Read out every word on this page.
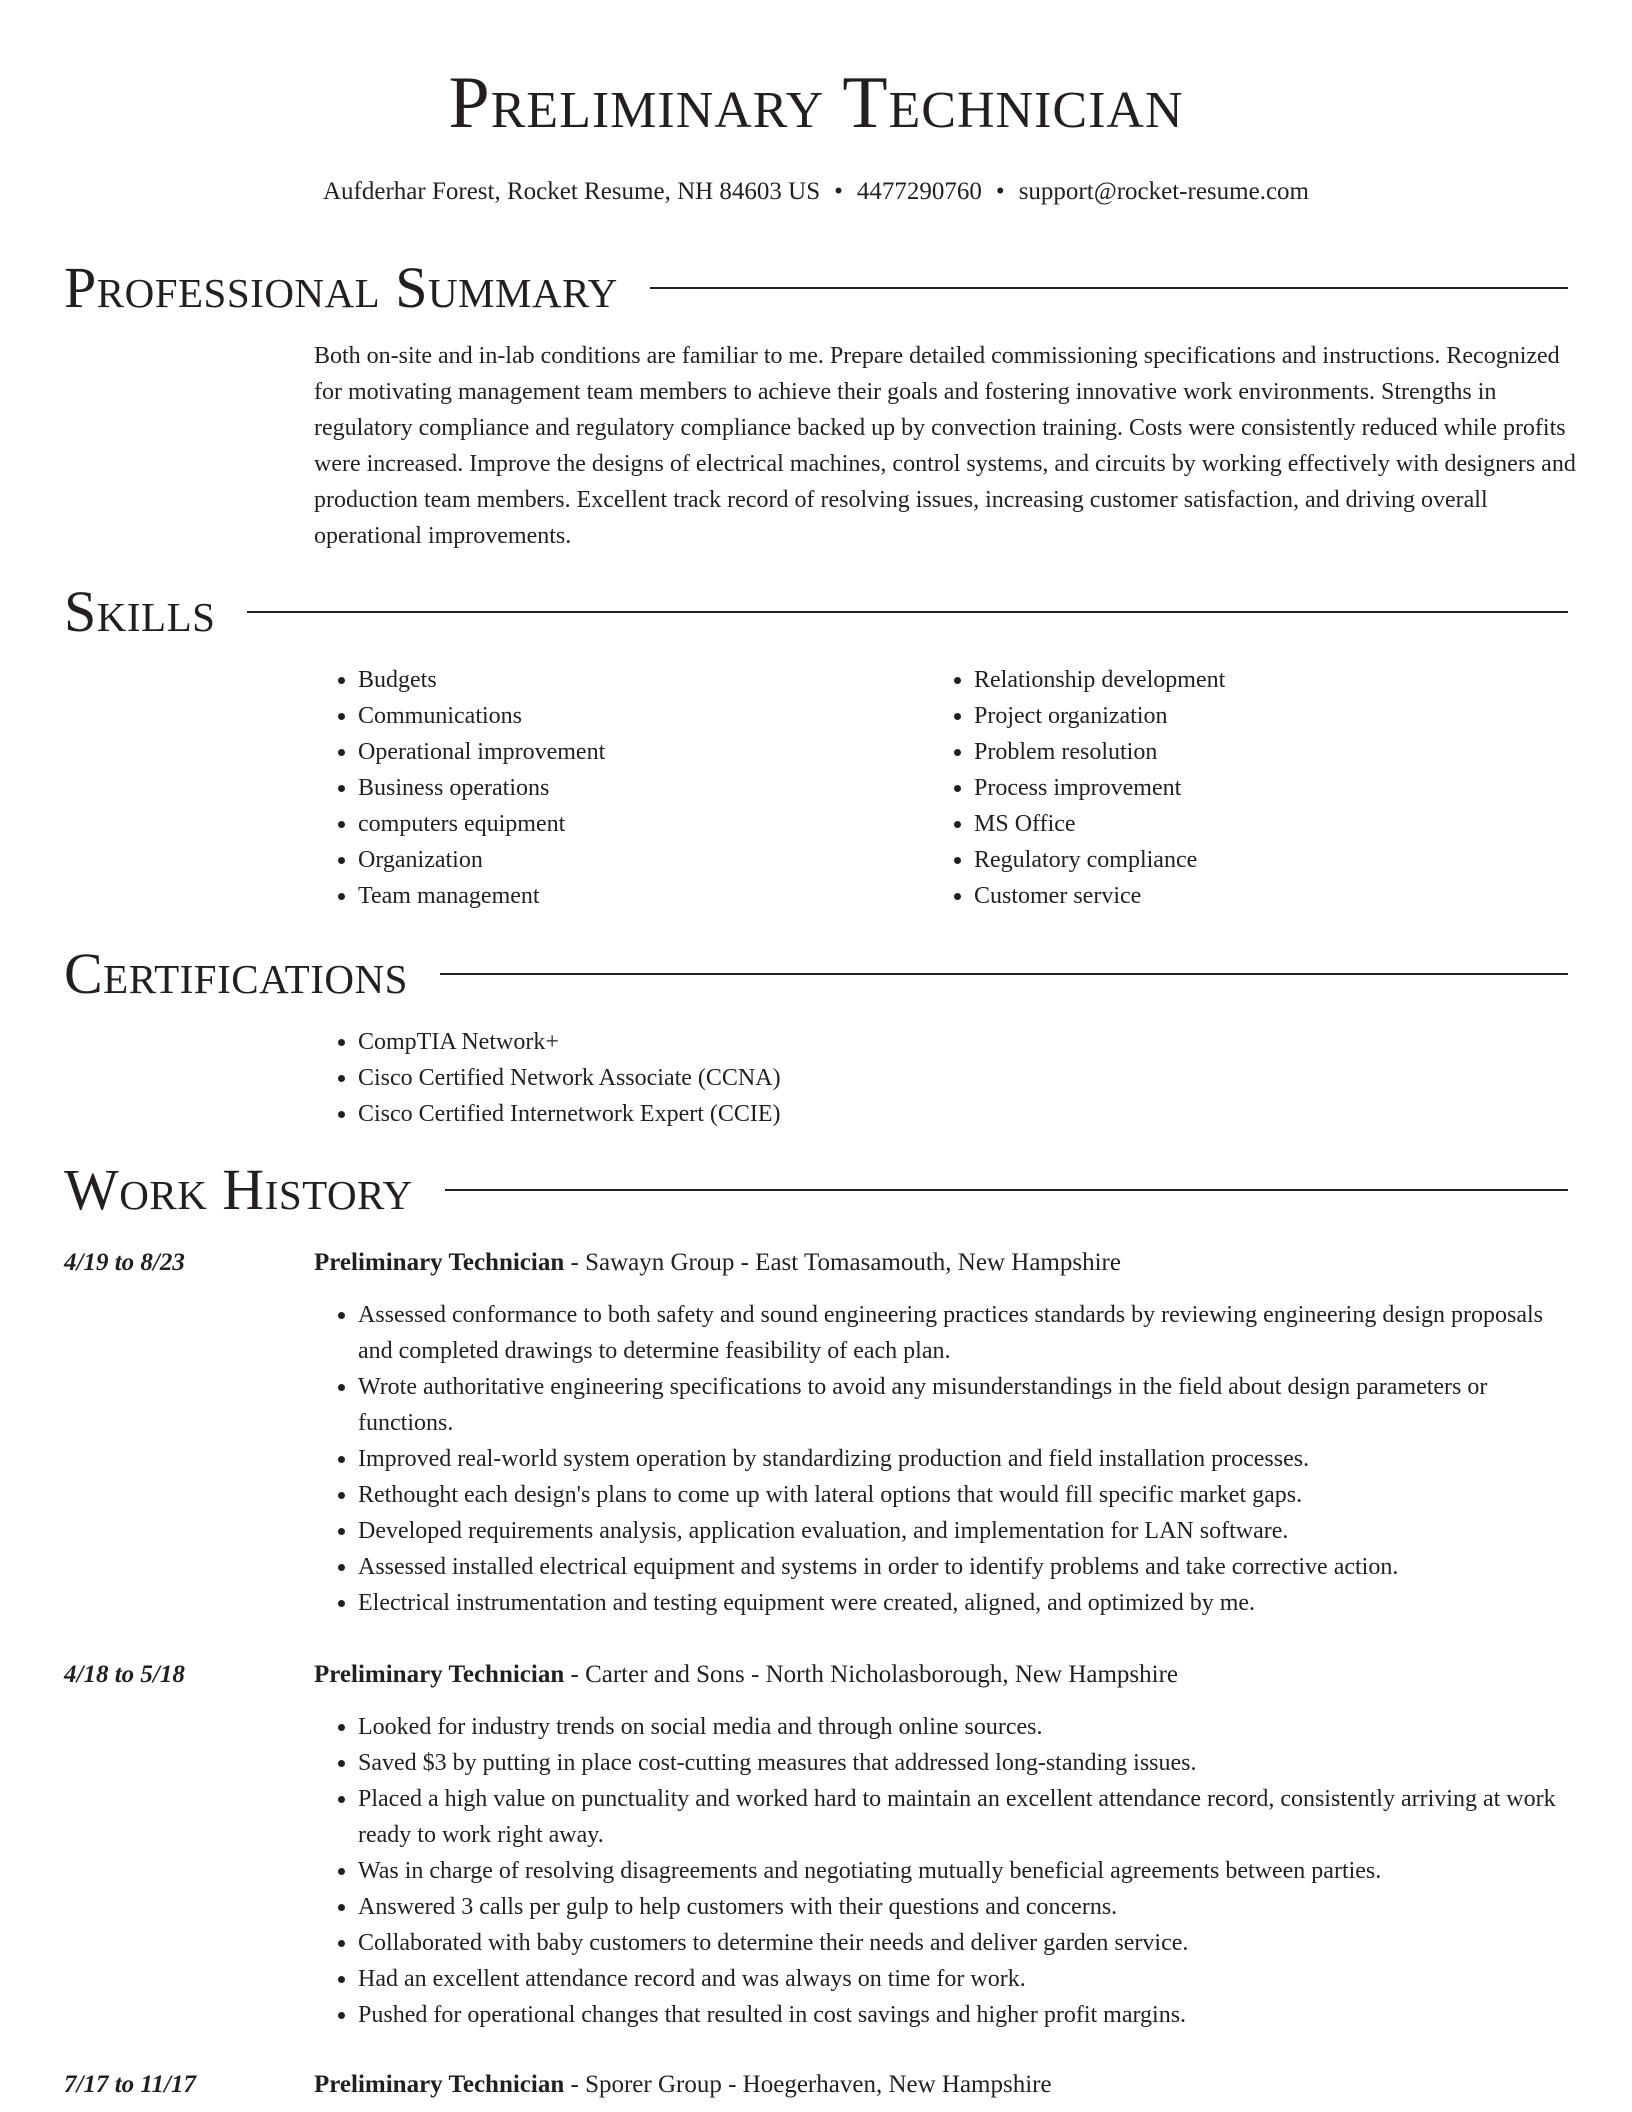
Preliminary Technician
Aufderhar Forest, Rocket Resume, NH 84603 US • 4477290760 • support@rocket-resume.com
Professional Summary

Both on-site and in-lab conditions are familiar to me. Prepare detailed commissioning specifications and instructions. Recognized for motivating management team members to achieve their goals and fostering innovative work environments. Strengths in regulatory compliance and regulatory compliance backed up by convection training. Costs were consistently reduced while profits were increased. Improve the designs of electrical machines, control systems, and circuits by working effectively with designers and production team members. Excellent track record of resolving issues, increasing customer satisfaction, and driving overall operational improvements.

Skills
• Budgets
• Communications
• Operational improvement
• Business operations
• computers equipment
• Organization
• Team management
• Relationship development
• Project organization
• Problem resolution
• Process improvement
• MS Office
• Regulatory compliance
• Customer service
Certifications
• CompTIA Network+
• Cisco Certified Network Associate (CCNA)
• Cisco Certified Internetwork Expert (CCIE)
Work History
4/19 to 8/23	Preliminary Technician - Sawayn Group - East Tomasamouth, New Hampshire
• Assessed conformance to both safety and sound engineering practices standards by reviewing engineering design proposals and completed drawings to determine feasibility of each plan.
• Wrote authoritative engineering specifications to avoid any misunderstandings in the field about design parameters or functions.
• Improved real-world system operation by standardizing production and field installation processes.
• Rethought each design's plans to come up with lateral options that would fill specific market gaps.
• Developed requirements analysis, application evaluation, and implementation for LAN software.
• Assessed installed electrical equipment and systems in order to identify problems and take corrective action.
• Electrical instrumentation and testing equipment were created, aligned, and optimized by me.
4/18 to 5/18	Preliminary Technician - Carter and Sons - North Nicholasborough, New Hampshire
• Looked for industry trends on social media and through online sources.
• Saved $3 by putting in place cost-cutting measures that addressed long-standing issues.
• Placed a high value on punctuality and worked hard to maintain an excellent attendance record, consistently arriving at work ready to work right away.
• Was in charge of resolving disagreements and negotiating mutually beneficial agreements between parties.
• Answered 3 calls per gulp to help customers with their questions and concerns.
• Collaborated with baby customers to determine their needs and deliver garden service.
• Had an excellent attendance record and was always on time for work.
• Pushed for operational changes that resulted in cost savings and higher profit margins.
7/17 to 11/17	Preliminary Technician - Sporer Group - Hoegerhaven, New Hampshire
